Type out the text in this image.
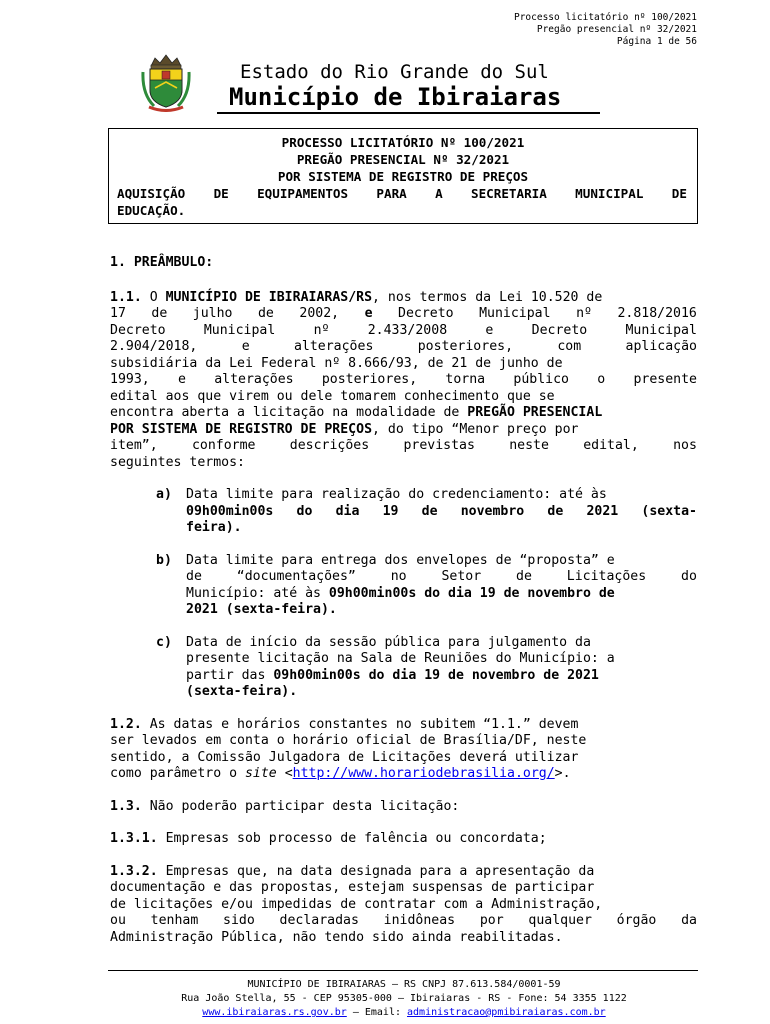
Processo licitatório nº 100/2021
Pregão presencial nº 32/2021
Página 1 de 56
Estado do Rio Grande do Sul
Município de Ibiraiaras
PROCESSO LICITATÓRIO Nº 100/2021
PREGÃO PRESENCIAL Nº 32/2021
POR SISTEMA DE REGISTRO DE PREÇOS
AQUISIÇÃO DE EQUIPAMENTOS PARA A SECRETARIA MUNICIPAL DE
EDUCAÇÃO.

1. PREÂMBULO:

1.1. O MUNICÍPIO DE IBIRAIARAS/RS, nos termos da Lei 10.520 de
17 de julho de 2002, e Decreto Municipal nº 2.818/2016
Decreto	Municipal	nº	2.433/2008	e	Decreto	Municipal
2.904/2018,	e	alterações	posteriores,	com	aplicação
subsidiária da Lei Federal nº 8.666/93, de 21 de junho de
1993, e alterações posteriores, torna público o presente
edital aos que virem ou dele tomarem conhecimento que se
encontra aberta a licitação na modalidade de PREGÃO PRESENCIAL
POR SISTEMA DE REGISTRO DE PREÇOS, do tipo “Menor preço por
item”,	conforme	descrições	previstas	neste	edital,	nos
seguintes termos:
a) Data limite para realização do credenciamento: até às
09h00min00s do dia 19 de novembro de 2021 (sexta-
feira).
b) Data limite para entrega dos envelopes de “proposta” e
de	“documentações”	no	Setor	de	Licitações	do
Município: até às 09h00min00s do dia 19 de novembro de
2021 (sexta-feira).
c) Data de início da sessão pública para julgamento da
presente licitação na Sala de Reuniões do Município: a
partir das 09h00min00s do dia 19 de novembro de 2021
(sexta-feira).
1.2. As datas e horários constantes no subitem “1.1.” devem
ser levados em conta o horário oficial de Brasília/DF, neste
sentido, a Comissão Julgadora de Licitações deverá utilizar
como parâmetro o site <http://www.horariodebrasilia.org/>.
1.3. Não poderão participar desta licitação:
1.3.1. Empresas sob processo de falência ou concordata;
1.3.2. Empresas que, na data designada para a apresentação da
documentação e das propostas, estejam suspensas de participar
de licitações e/ou impedidas de contratar com a Administração,
ou tenham sido declaradas inidôneas por qualquer órgão da
Administração Pública, não tendo sido ainda reabilitadas.
MUNICÍPIO DE IBIRAIARAS – RS CNPJ 87.613.584/0001-59
Rua João Stella, 55 - CEP 95305-000 – Ibiraiaras - RS - Fone: 54 3355 1122
www.ibiraiaras.rs.gov.br – Email: administracao@pmibiraiaras.com.br
